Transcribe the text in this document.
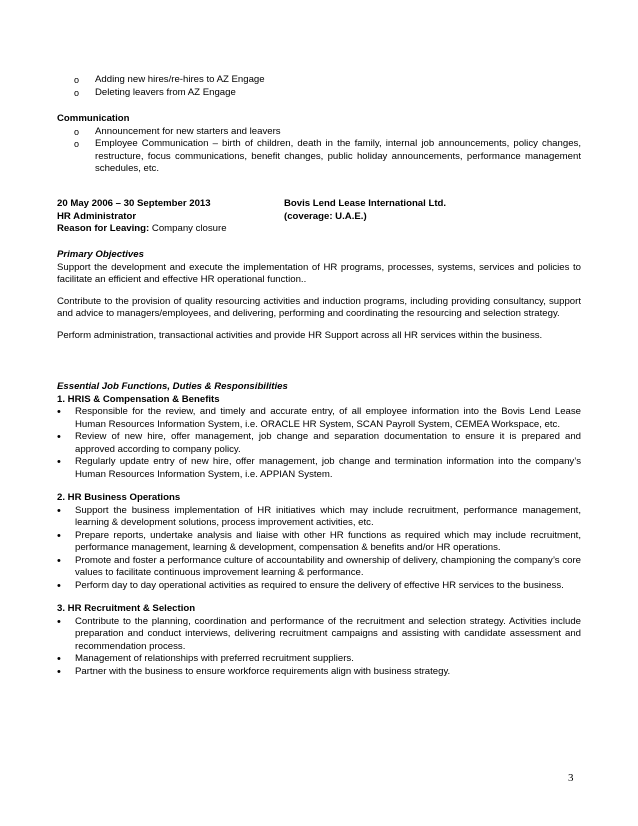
o Adding new hires/re-hires to AZ Engage
o Deleting leavers from AZ Engage
Communication
o Announcement for new starters and leavers
o Employee Communication – birth of children, death in the family, internal job announcements, policy changes, restructure, focus communications, benefit changes, public holiday announcements, performance management schedules, etc.
20 May 2006 – 30 September 2013	Bovis Lend Lease International Ltd.
HR Administrator	(coverage: U.A.E.)
Reason for Leaving: Company closure
Primary Objectives

Support the development and execute the implementation of HR programs, processes, systems, services and policies to facilitate an efficient and effective HR operational function..

Contribute to the provision of quality resourcing activities and induction programs, including providing consultancy, support and advice to managers/employees, and delivering, performing and coordinating the resourcing and selection strategy.

Perform administration, transactional activities and provide HR Support across all HR services within the business.

Essential Job Functions, Duties & Responsibilities
1. HRIS & Compensation & Benefits
• Responsible for the review, and timely and accurate entry, of all employee information into the Bovis Lend Lease Human Resources Information System, i.e. ORACLE HR System, SCAN Payroll System, CEMEA Workspace, etc.
• Review of new hire, offer management, job change and separation documentation to ensure it is prepared and approved according to company policy.
• Regularly update entry of new hire, offer management, job change and termination information into the company’s Human Resources Information System, i.e. APPIAN System.
2. HR Business Operations
• Support the business implementation of HR initiatives which may include recruitment, performance management, learning & development solutions, process improvement activities, etc.
• Prepare reports, undertake analysis and liaise with other HR functions as required which may include recruitment, performance management, learning & development, compensation & benefits and/or HR operations.
• Promote and foster a performance culture of accountability and ownership of delivery, championing the company’s core values to facilitate continuous improvement learning & performance.
• Perform day to day operational activities as required to ensure the delivery of effective HR services to the business.
3. HR Recruitment & Selection
• Contribute to the planning, coordination and performance of the recruitment and selection strategy. Activities include preparation and conduct interviews, delivering recruitment campaigns and assisting with candidate assessment and recommendation process.
• Management of relationships with preferred recruitment suppliers.
• Partner with the business to ensure workforce requirements align with business strategy.
3
